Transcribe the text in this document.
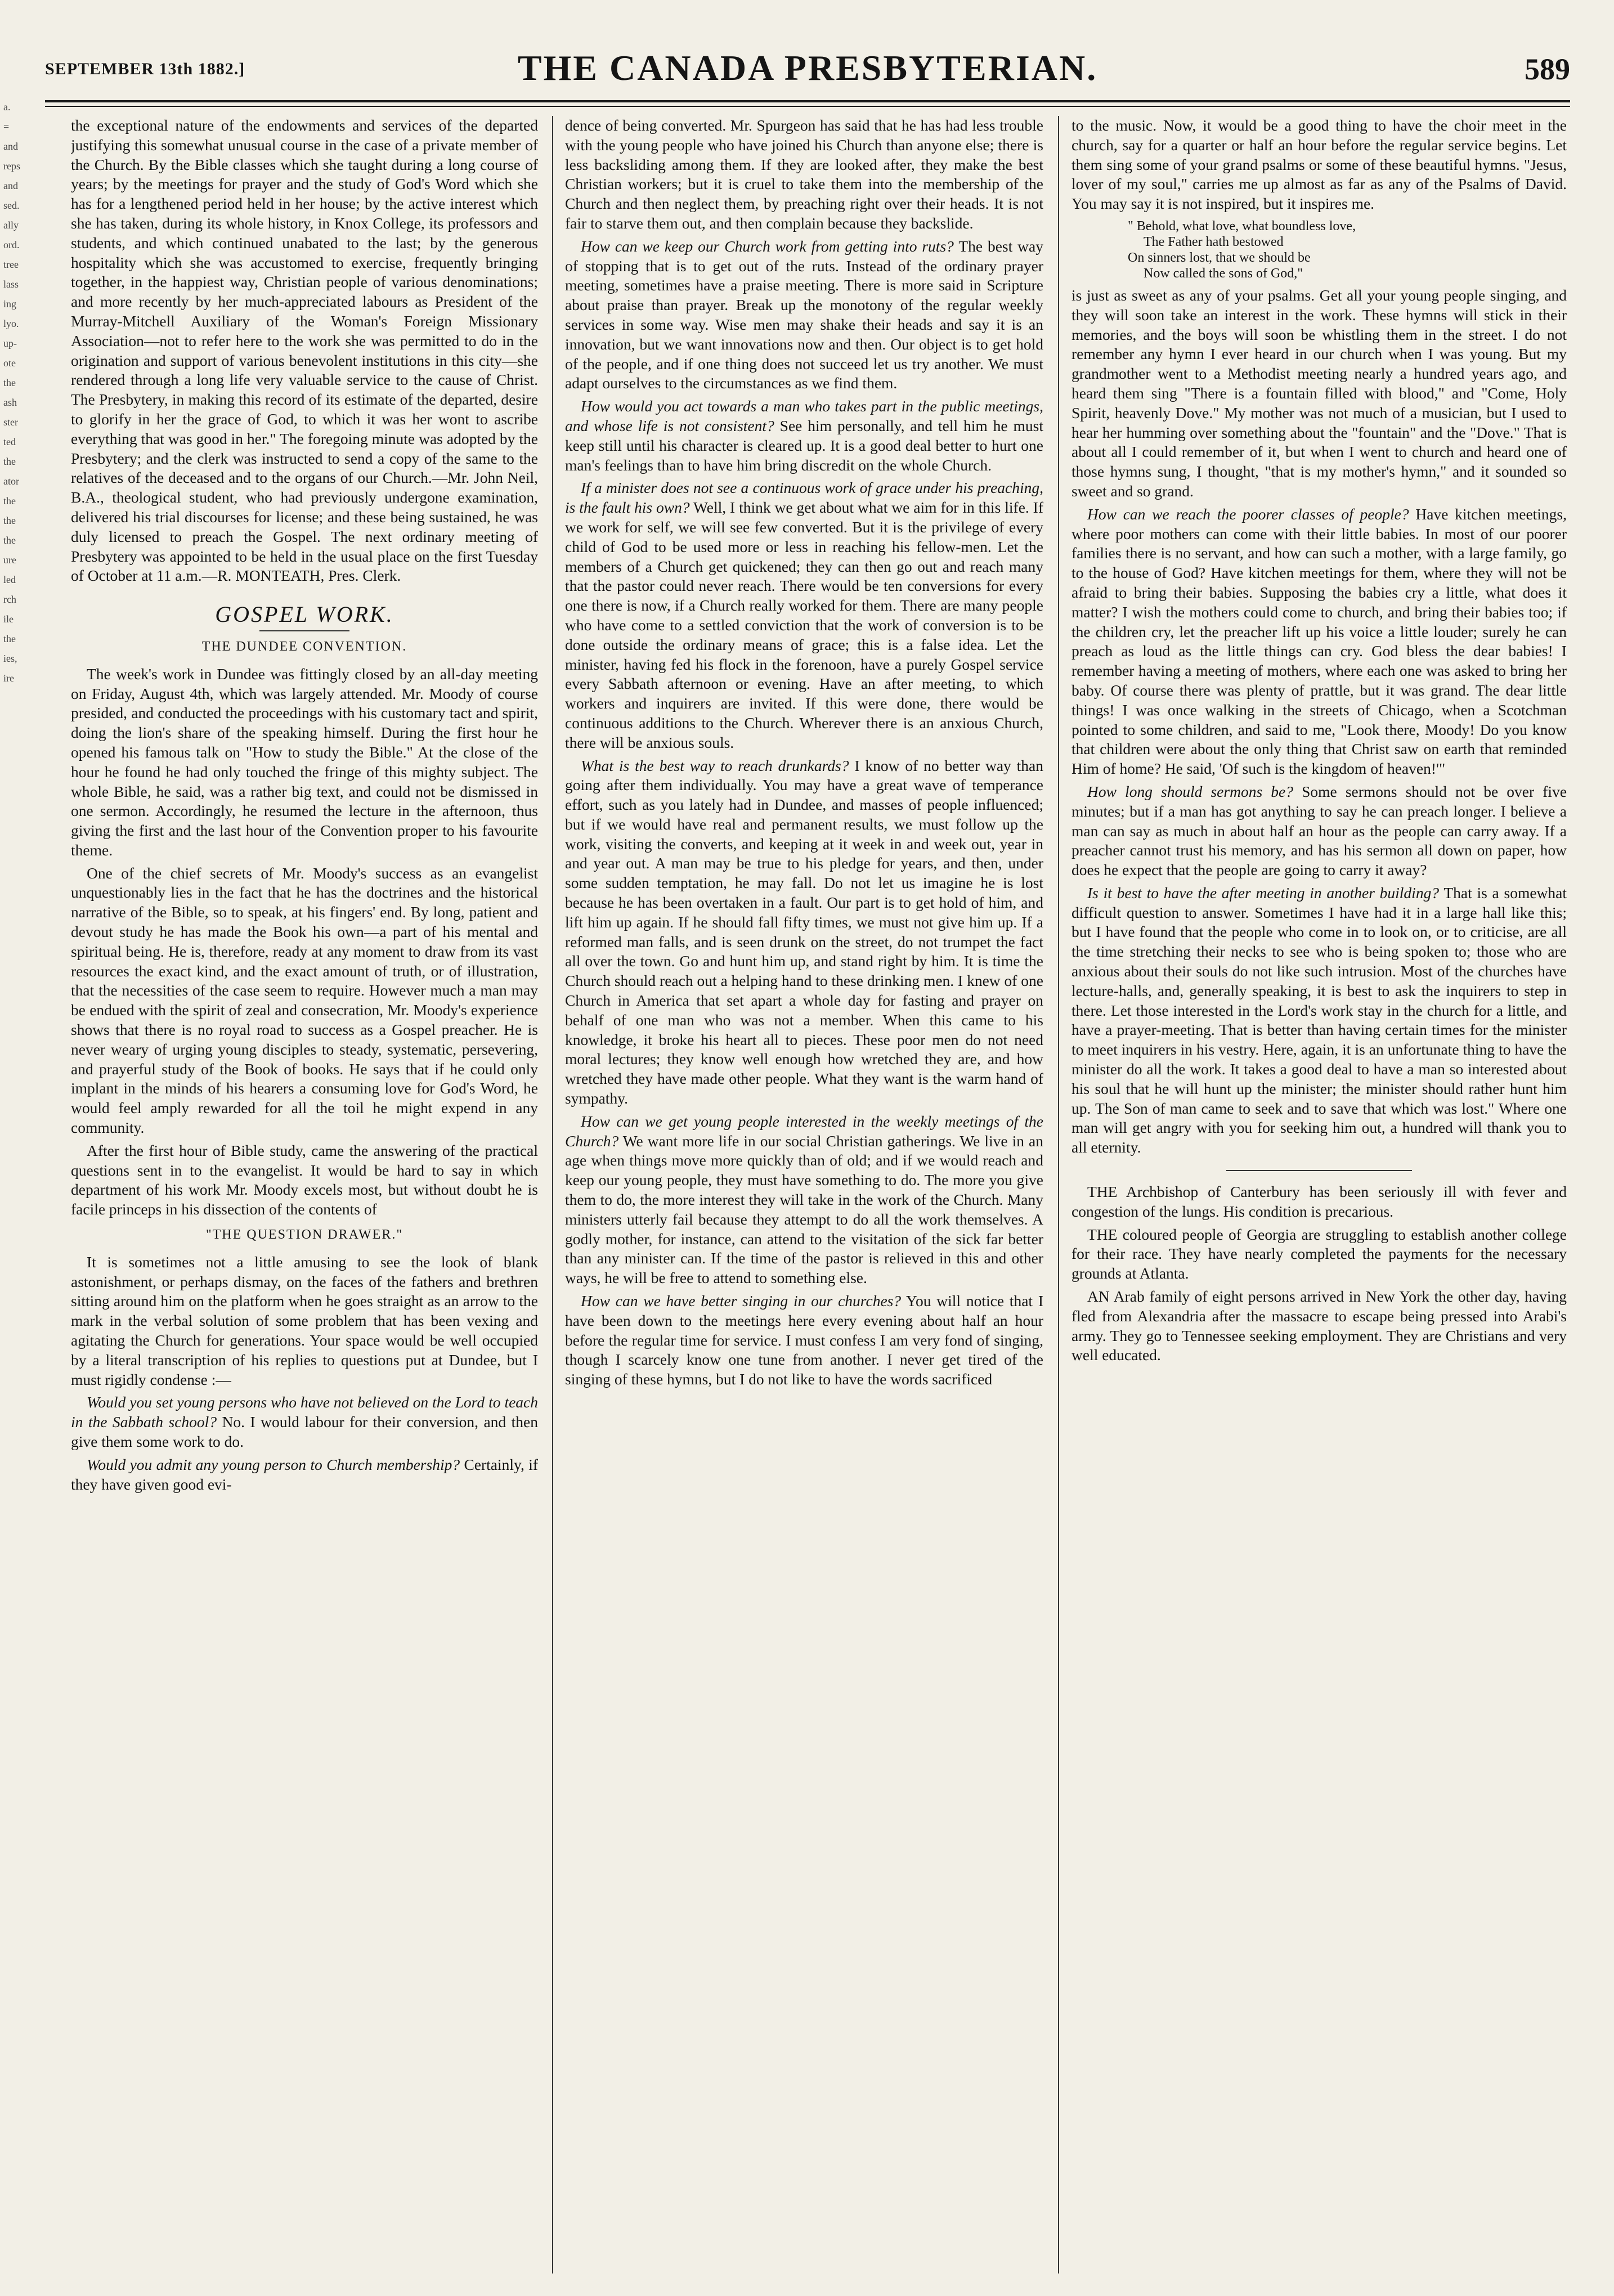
a.
=
and
reps
and
sed.
ally
ord.
tree
lass
ing
lyo.
up-
ote
the
ash
ster
ted
the
ator
the
the
the
ure
led
rch
ile
the
ies,
ire
SEPTEMBER 13th 1882.]	THE CANADA PRESBYTERIAN.	589

the exceptional nature of the endowments and services of the departed justifying this somewhat unusual course in the case of a private member of the Church. By the Bible classes which she taught during a long course of years; by the meetings for prayer and the study of God's Word which she has for a lengthened period held in her house; by the active interest which she has taken, during its whole history, in Knox College, its professors and students, and which continued unabated to the last; by the generous hospitality which she was accustomed to exercise, frequently bringing together, in the happiest way, Christian people of various denominations; and more recently by her much-appreciated labours as President of the Murray-Mitchell Auxiliary of the Woman's Foreign Missionary Association—not to refer here to the work she was permitted to do in the origination and support of various benevolent institutions in this city—she rendered through a long life very valuable service to the cause of Christ. The Presbytery, in making this record of its estimate of the departed, desire to glorify in her the grace of God, to which it was her wont to ascribe everything that was good in her." The foregoing minute was adopted by the Presbytery; and the clerk was instructed to send a copy of the same to the relatives of the deceased and to the organs of our Church.—Mr. John Neil, B.A., theological student, who had previously undergone examination, delivered his trial discourses for license; and these being sustained, he was duly licensed to preach the Gospel. The next ordinary meeting of Presbytery was appointed to be held in the usual place on the first Tuesday of October at 11 a.m.—R. MONTEATH, Pres. Clerk.

GOSPEL WORK.
THE DUNDEE CONVENTION.

The week's work in Dundee was fittingly closed by an all-day meeting on Friday, August 4th, which was largely attended. Mr. Moody of course presided, and conducted the proceedings with his customary tact and spirit, doing the lion's share of the speaking himself. During the first hour he opened his famous talk on "How to study the Bible." At the close of the hour he found he had only touched the fringe of this mighty subject. The whole Bible, he said, was a rather big text, and could not be dismissed in one sermon. Accordingly, he resumed the lecture in the afternoon, thus giving the first and the last hour of the Convention proper to his favourite theme.

One of the chief secrets of Mr. Moody's success as an evangelist unquestionably lies in the fact that he has the doctrines and the historical narrative of the Bible, so to speak, at his fingers' end. By long, patient and devout study he has made the Book his own—a part of his mental and spiritual being. He is, therefore, ready at any moment to draw from its vast resources the exact kind, and the exact amount of truth, or of illustration, that the necessities of the case seem to require. However much a man may be endued with the spirit of zeal and consecration, Mr. Moody's experience shows that there is no royal road to success as a Gospel preacher. He is never weary of urging young disciples to steady, systematic, persevering, and prayerful study of the Book of books. He says that if he could only implant in the minds of his hearers a consuming love for God's Word, he would feel amply rewarded for all the toil he might expend in any community.

After the first hour of Bible study, came the answering of the practical questions sent in to the evangelist. It would be hard to say in which department of his work Mr. Moody excels most, but without doubt he is facile princeps in his dissection of the contents of

"THE QUESTION DRAWER."

It is sometimes not a little amusing to see the look of blank astonishment, or perhaps dismay, on the faces of the fathers and brethren sitting around him on the platform when he goes straight as an arrow to the mark in the verbal solution of some problem that has been vexing and agitating the Church for generations. Your space would be well occupied by a literal transcription of his replies to questions put at Dundee, but I must rigidly condense :—

Would you set young persons who have not believed on the Lord to teach in the Sabbath school? No. I would labour for their conversion, and then give them some work to do.

Would you admit any young person to Church membership? Certainly, if they have given good evi-

dence of being converted. Mr. Spurgeon has said that he has had less trouble with the young people who have joined his Church than anyone else; there is less backsliding among them. If they are looked after, they make the best Christian workers; but it is cruel to take them into the membership of the Church and then neglect them, by preaching right over their heads. It is not fair to starve them out, and then complain because they backslide.

How can we keep our Church work from getting into ruts? The best way of stopping that is to get out of the ruts. Instead of the ordinary prayer meeting, sometimes have a praise meeting. There is more said in Scripture about praise than prayer. Break up the monotony of the regular weekly services in some way. Wise men may shake their heads and say it is an innovation, but we want innovations now and then. Our object is to get hold of the people, and if one thing does not succeed let us try another. We must adapt ourselves to the circumstances as we find them.

How would you act towards a man who takes part in the public meetings, and whose life is not consistent? See him personally, and tell him he must keep still until his character is cleared up. It is a good deal better to hurt one man's feelings than to have him bring discredit on the whole Church.

If a minister does not see a continuous work of grace under his preaching, is the fault his own? Well, I think we get about what we aim for in this life. If we work for self, we will see few converted. But it is the privilege of every child of God to be used more or less in reaching his fellow-men. Let the members of a Church get quickened; they can then go out and reach many that the pastor could never reach. There would be ten conversions for every one there is now, if a Church really worked for them. There are many people who have come to a settled conviction that the work of conversion is to be done outside the ordinary means of grace; this is a false idea. Let the minister, having fed his flock in the forenoon, have a purely Gospel service every Sabbath afternoon or evening. Have an after meeting, to which workers and inquirers are invited. If this were done, there would be continuous additions to the Church. Wherever there is an anxious Church, there will be anxious souls.

What is the best way to reach drunkards? I know of no better way than going after them individually. You may have a great wave of temperance effort, such as you lately had in Dundee, and masses of people influenced; but if we would have real and permanent results, we must follow up the work, visiting the converts, and keeping at it week in and week out, year in and year out. A man may be true to his pledge for years, and then, under some sudden temptation, he may fall. Do not let us imagine he is lost because he has been overtaken in a fault. Our part is to get hold of him, and lift him up again. If he should fall fifty times, we must not give him up. If a reformed man falls, and is seen drunk on the street, do not trumpet the fact all over the town. Go and hunt him up, and stand right by him. It is time the Church should reach out a helping hand to these drinking men. I knew of one Church in America that set apart a whole day for fasting and prayer on behalf of one man who was not a member. When this came to his knowledge, it broke his heart all to pieces. These poor men do not need moral lectures; they know well enough how wretched they are, and how wretched they have made other people. What they want is the warm hand of sympathy.

How can we get young people interested in the weekly meetings of the Church? We want more life in our social Christian gatherings. We live in an age when things move more quickly than of old; and if we would reach and keep our young people, they must have something to do. The more you give them to do, the more interest they will take in the work of the Church. Many ministers utterly fail because they attempt to do all the work themselves. A godly mother, for instance, can attend to the visitation of the sick far better than any minister can. If the time of the pastor is relieved in this and other ways, he will be free to attend to something else.

How can we have better singing in our churches? You will notice that I have been down to the meetings here every evening about half an hour before the regular time for service. I must confess I am very fond of singing, though I scarcely know one tune from another. I never get tired of the singing of these hymns, but I do not like to have the words sacrificed

to the music. Now, it would be a good thing to have the choir meet in the church, say for a quarter or half an hour before the regular service begins. Let them sing some of your grand psalms or some of these beautiful hymns. "Jesus, lover of my soul," carries me up almost as far as any of the Psalms of David. You may say it is not inspired, but it inspires me.

" Behold, what love, what boundless love,
The Father hath bestowed
On sinners lost, that we should be
Now called the sons of God,"

is just as sweet as any of your psalms. Get all your young people singing, and they will soon take an interest in the work. These hymns will stick in their memories, and the boys will soon be whistling them in the street. I do not remember any hymn I ever heard in our church when I was young. But my grandmother went to a Methodist meeting nearly a hundred years ago, and heard them sing "There is a fountain filled with blood," and "Come, Holy Spirit, heavenly Dove." My mother was not much of a musician, but I used to hear her humming over something about the "fountain" and the "Dove." That is about all I could remember of it, but when I went to church and heard one of those hymns sung, I thought, "that is my mother's hymn," and it sounded so sweet and so grand.

How can we reach the poorer classes of people? Have kitchen meetings, where poor mothers can come with their little babies. In most of our poorer families there is no servant, and how can such a mother, with a large family, go to the house of God? Have kitchen meetings for them, where they will not be afraid to bring their babies. Supposing the babies cry a little, what does it matter? I wish the mothers could come to church, and bring their babies too; if the children cry, let the preacher lift up his voice a little louder; surely he can preach as loud as the little things can cry. God bless the dear babies! I remember having a meeting of mothers, where each one was asked to bring her baby. Of course there was plenty of prattle, but it was grand. The dear little things! I was once walking in the streets of Chicago, when a Scotchman pointed to some children, and said to me, "Look there, Moody! Do you know that children were about the only thing that Christ saw on earth that reminded Him of home? He said, 'Of such is the kingdom of heaven!'"

How long should sermons be? Some sermons should not be over five minutes; but if a man has got anything to say he can preach longer. I believe a man can say as much in about half an hour as the people can carry away. If a preacher cannot trust his memory, and has his sermon all down on paper, how does he expect that the people are going to carry it away?

Is it best to have the after meeting in another building? That is a somewhat difficult question to answer. Sometimes I have had it in a large hall like this; but I have found that the people who come in to look on, or to criticise, are all the time stretching their necks to see who is being spoken to; those who are anxious about their souls do not like such intrusion. Most of the churches have lecture-halls, and, generally speaking, it is best to ask the inquirers to step in there. Let those interested in the Lord's work stay in the church for a little, and have a prayer-meeting. That is better than having certain times for the minister to meet inquirers in his vestry. Here, again, it is an unfortunate thing to have the minister do all the work. It takes a good deal to have a man so interested about his soul that he will hunt up the minister; the minister should rather hunt him up. The Son of man came to seek and to save that which was lost." Where one man will get angry with you for seeking him out, a hundred will thank you to all eternity.

THE Archbishop of Canterbury has been seriously ill with fever and congestion of the lungs. His condition is precarious.

THE coloured people of Georgia are struggling to establish another college for their race. They have nearly completed the payments for the necessary grounds at Atlanta.

AN Arab family of eight persons arrived in New York the other day, having fled from Alexandria after the massacre to escape being pressed into Arabi's army. They go to Tennessee seeking employment. They are Christians and very well educated.
